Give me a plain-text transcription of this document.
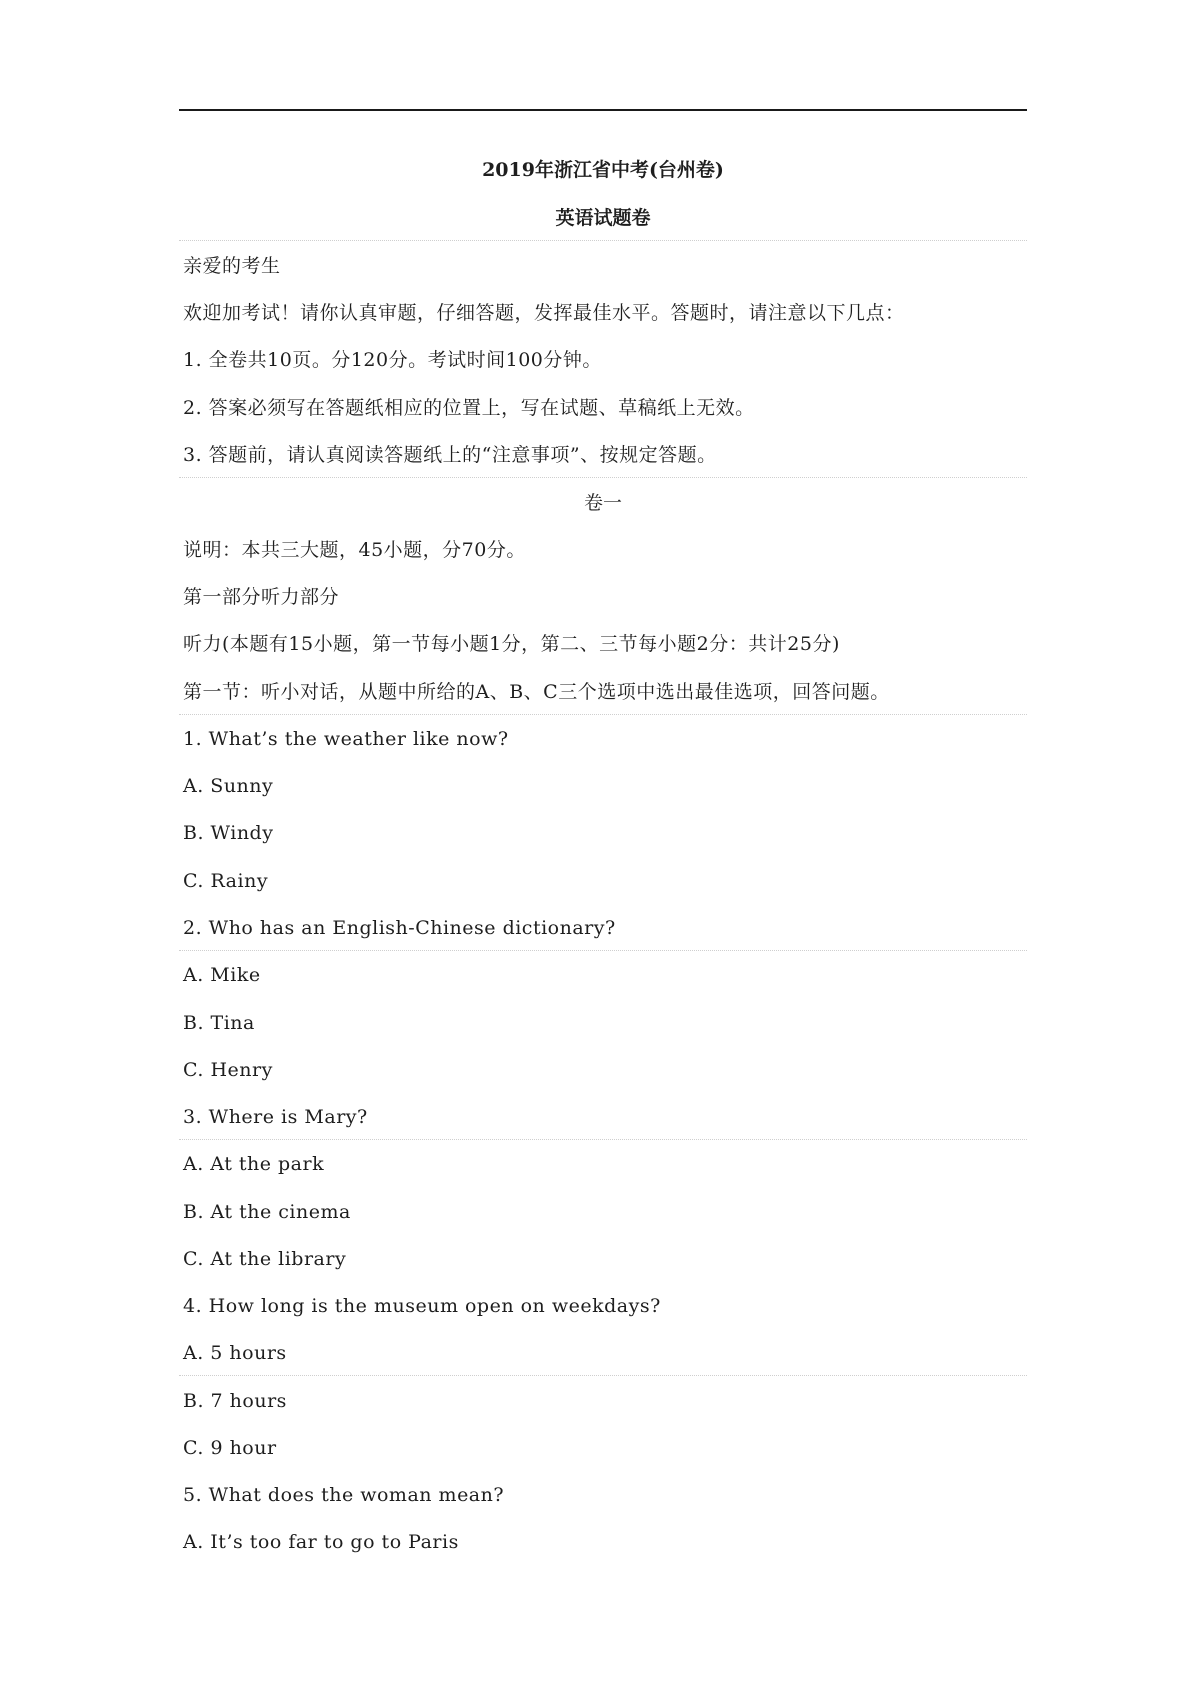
2019年浙江省中考(台州卷)
英语试题卷
亲爱的考生
欢迎加考试！请你认真审题，仔细答题，发挥最佳水平。答题时，请注意以下几点：
1. 全卷共10页。分120分。考试时间100分钟。
2. 答案必须写在答题纸相应的位置上，写在试题、草稿纸上无效。
3. 答题前，请认真阅读答题纸上的“注意事项”、按规定答题。
卷一
说明：本共三大题，45小题，分70分。
第一部分听力部分
听力(本题有15小题，第一节每小题1分，第二、三节每小题2分：共计25分)
第一节：听小对话，从题中所给的A、B、C三个选项中选出最佳选项，回答问题。
1. What’s the weather like now?
A. Sunny
B. Windy
C. Rainy
2. Who has an English-Chinese dictionary?
A. Mike
B. Tina
C. Henry
3. Where is Mary?
A. At the park
B. At the cinema
C. At the library
4. How long is the museum open on weekdays?
A. 5 hours
B. 7 hours
C. 9 hour
5. What does the woman mean?
A. It’s too far to go to Paris
